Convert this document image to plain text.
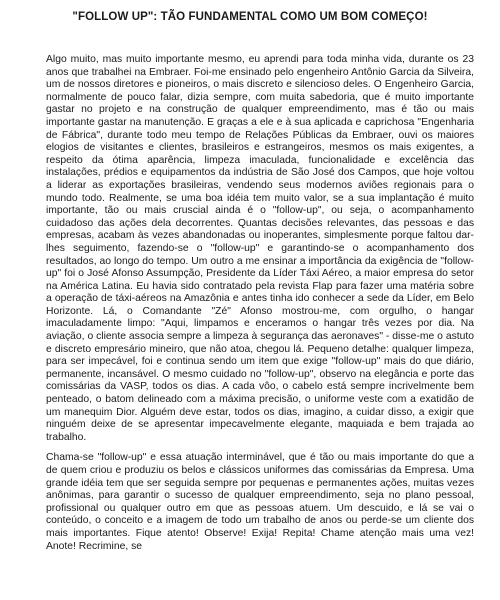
"FOLLOW UP": TÃO FUNDAMENTAL COMO UM BOM COMEÇO!

Algo muito, mas muito importante mesmo, eu aprendi para toda minha vida, durante os 23 anos que trabalhei na Embraer. Foi-me ensinado pelo engenheiro Antônio Garcia da Silveira, um de nossos diretores e pioneiros, o mais discreto e silencioso deles. O Engenheiro Garcia, normalmente de pouco falar, dizia sempre, com muita sabedoria, que é muito importante gastar no projeto e na construção de qualquer empreendimento, mas é tão ou mais importante gastar na manutenção. E graças a ele e à sua aplicada e caprichosa "Engenharia de Fábrica", durante todo meu tempo de Relações Públicas da Embraer, ouvi os maiores elogios de visitantes e clientes, brasileiros e estrangeiros, mesmos os mais exigentes, a respeito da ótima aparência, limpeza imaculada, funcionalidade e excelência das instalações, prédios e equipamentos da indústria de São José dos Campos, que hoje voltou a liderar as exportações brasileiras, vendendo seus modernos aviões regionais para o mundo todo. Realmente, se uma boa idéia tem muito valor, se a sua implantação é muito importante, tão ou mais cruscial ainda é o "follow-up", ou seja, o acompanhamento cuidadoso das ações dela decorrentes. Quantas decisões relevantes, das pessoas e das empresas, acabam às vezes abandonadas ou inoperantes, simplesmente porque faltou dar-lhes seguimento, fazendo-se o "follow-up" e garantindo-se o acompanhamento dos resultados, ao longo do tempo. Um outro a me ensinar a importância da exigência de "follow-up" foi o José Afonso Assumpção, Presidente da Líder Táxi Aéreo, a maior empresa do setor na América Latina. Eu havia sido contratado pela revista Flap para fazer uma matéria sobre a operação de táxi-aéreos na Amazônia e antes tinha ido conhecer a sede da Líder, em Belo Horizonte. Lá, o Comandante "Zé" Afonso mostrou-me, com orgulho, o hangar imaculadamente limpo: "Aqui, limpamos e enceramos o hangar três vezes por dia. Na aviação, o cliente associa sempre a limpeza à segurança das aeronaves" - disse-me o astuto e discreto empresário mineiro, que não atoa, chegou lá. Pequeno detalhe: qualquer limpeza, para ser impecável, foi e continua sendo um item que exige "follow-up" mais do que diário, permanente, incansável. O mesmo cuidado no "follow-up", observo na elegância e porte das comissárias da VASP, todos os dias. A cada vôo, o cabelo está sempre incrivelmente bem penteado, o batom delineado com a máxima precisão, o uniforme veste com a exatidão de um manequim Dior. Alguém deve estar, todos os dias, imagino, a cuidar disso, a exigir que ninguém deixe de se apresentar impecavelmente elegante, maquiada e bem trajada ao trabalho.

Chama-se "follow-up" e essa atuação interminável, que é tão ou mais importante do que a de quem criou e produziu os belos e clássicos uniformes das comissárias da Empresa. Uma grande idéia tem que ser seguida sempre por pequenas e permanentes ações, muitas vezes anônimas, para garantir o sucesso de qualquer empreendimento, seja no plano pessoal, profissional ou qualquer outro em que as pessoas atuem. Um descuido, e lá se vai o conteúdo, o conceito e a imagem de todo um trabalho de anos ou perde-se um cliente dos mais importantes. Fique atento! Observe! Exija! Repita! Chame atenção mais uma vez! Anote! Recrimine, se
